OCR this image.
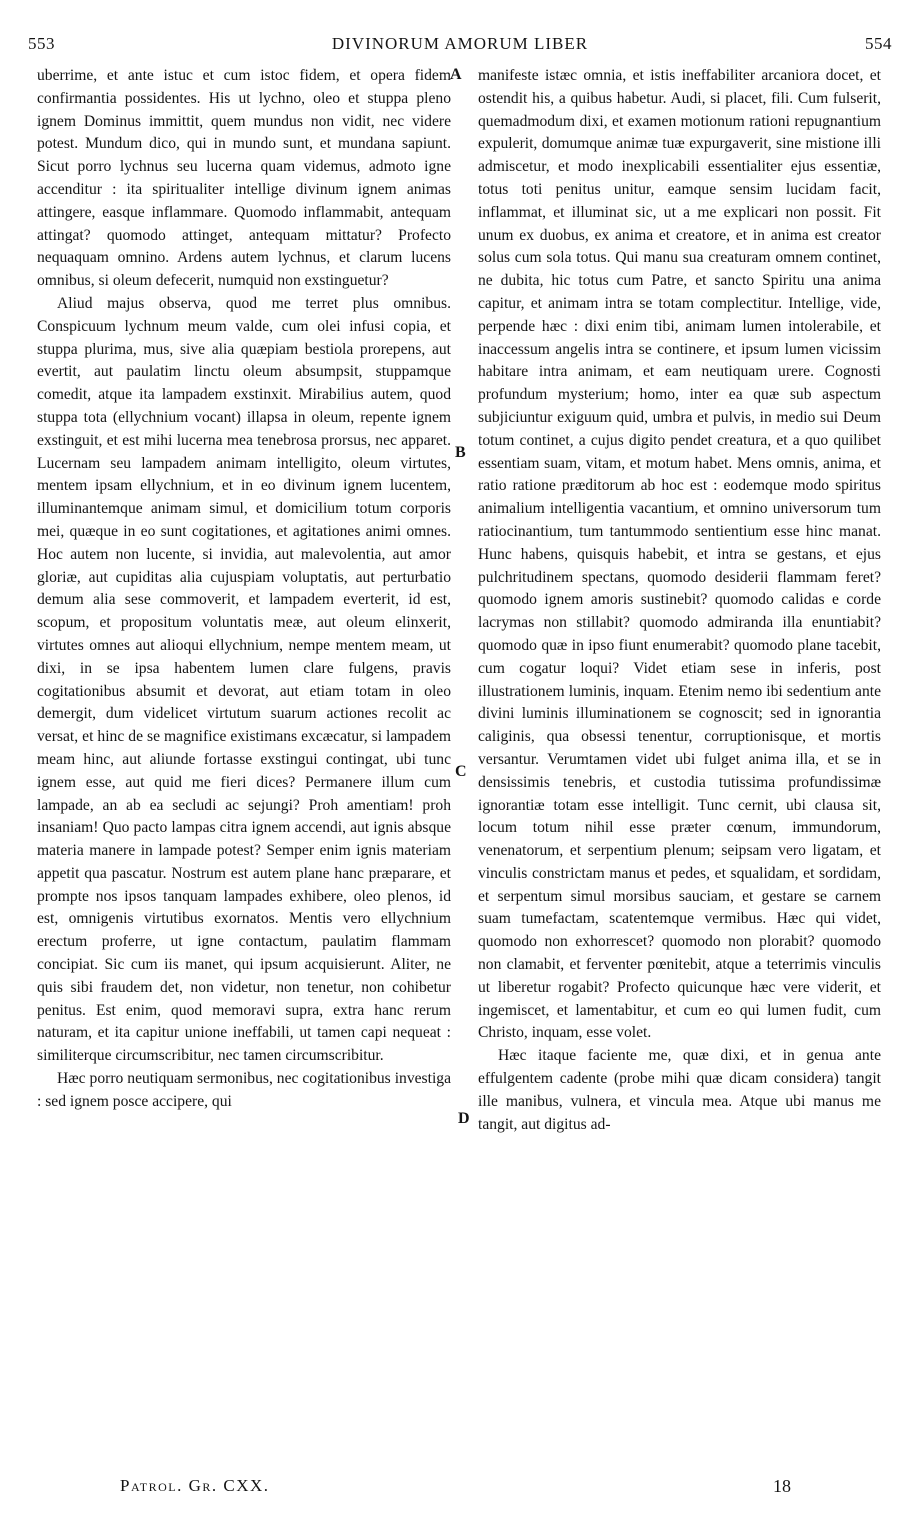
553	DIVINORUM AMORUM LIBER	554

uberrime, et ante istuc et cum istoc fidem, et opera fidem confirmantia possidentes. His ut lychno, oleo et stuppa pleno ignem Dominus immittit, quem mundus non vidit, nec videre potest. Mundum dico, qui in mundo sunt, et mundana sapiunt. Sicut porro lychnus seu lucerna quam videmus, admoto igne accenditur : ita spiritualiter intellige divinum ignem animas attingere, easque inflammare. Quomodo inflammabit, antequam attingat? quomodo attinget, antequam mittatur? Profecto nequaquam omnino. Ardens autem lychnus, et clarum lucens omnibus, si oleum defecerit, numquid non exstinguetur?

Aliud majus observa, quod me terret plus omnibus. Conspicuum lychnum meum valde, cum olei infusi copia, et stuppa plurima, mus, sive alia quæpiam bestiola prorepens, aut evertit, aut paulatim linctu oleum absumpsit, stuppamque comedit, atque ita lampadem exstinxit. Mirabilius autem, quod stuppa tota (ellychnium vocant) illapsa in oleum, repente ignem exstinguit, et est mihi lucerna mea tenebrosa prorsus, nec apparet. Lucernam seu lampadem animam intelligito, oleum virtutes, mentem ipsam ellychnium, et in eo divinum ignem lucentem, illuminantemque animam simul, et domicilium totum corporis mei, quæque in eo sunt cogitationes, et agitationes animi omnes. Hoc autem non lucente, si invidia, aut malevolentia, aut amor gloriæ, aut cupiditas alia cujuspiam voluptatis, aut perturbatio demum alia sese commoverit, et lampadem everterit, id est, scopum, et propositum voluntatis meæ, aut oleum elinxerit, virtutes omnes aut alioqui ellychnium, nempe mentem meam, ut dixi, in se ipsa habentem lumen clare fulgens, pravis cogitationibus absumit et devorat, aut etiam totam in oleo demergit, dum videlicet virtutum suarum actiones recolit ac versat, et hinc de se magnifice existimans excæcatur, si lampadem meam hinc, aut aliunde fortasse exstingui contingat, ubi tunc ignem esse, aut quid me fieri dices? Permanere illum cum lampade, an ab ea secludi ac sejungi? Proh amentiam! proh insaniam! Quo pacto lampas citra ignem accendi, aut ignis absque materia manere in lampade potest? Semper enim ignis materiam appetit qua pascatur. Nostrum est autem plane hanc præparare, et prompte nos ipsos tanquam lampades exhibere, oleo plenos, id est, omnigenis virtutibus exornatos. Mentis vero ellychnium erectum proferre, ut igne contactum, paulatim flammam concipiat. Sic cum iis manet, qui ipsum acquisierunt. Aliter, ne quis sibi fraudem det, non videtur, non tenetur, non cohibetur penitus. Est enim, quod memoravi supra, extra hanc rerum naturam, et ita capitur unione ineffabili, ut tamen capi nequeat : similiterque circumscribitur, nec tamen circumscribitur.

Hæc porro neutiquam sermonibus, nec cogitationibus investiga : sed ignem posce accipere, qui

A
B
C
D

manifeste istæc omnia, et istis ineffabiliter arcaniora docet, et ostendit his, a quibus habetur. Audi, si placet, fili. Cum fulserit, quemadmodum dixi, et examen motionum rationi repugnantium expulerit, domumque animæ tuæ expurgaverit, sine mistione illi admiscetur, et modo inexplicabili essentialiter ejus essentiæ, totus toti penitus unitur, eamque sensim lucidam facit, inflammat, et illuminat sic, ut a me explicari non possit. Fit unum ex duobus, ex anima et creatore, et in anima est creator solus cum sola totus. Qui manu sua creaturam omnem continet, ne dubita, hic totus cum Patre, et sancto Spiritu una anima capitur, et animam intra se totam complectitur. Intellige, vide, perpende hæc : dixi enim tibi, animam lumen intolerabile, et inaccessum angelis intra se continere, et ipsum lumen vicissim habitare intra animam, et eam neutiquam urere. Cognosti profundum mysterium; homo, inter ea quæ sub aspectum subjiciuntur exiguum quid, umbra et pulvis, in medio sui Deum totum continet, a cujus digito pendet creatura, et a quo quilibet essentiam suam, vitam, et motum habet. Mens omnis, anima, et ratio ratione præditorum ab hoc est : eodemque modo spiritus animalium intelligentia vacantium, et omnino universorum tum ratiocinantium, tum tantummodo sentientium esse hinc manat. Hunc habens, quisquis habebit, et intra se gestans, et ejus pulchritudinem spectans, quomodo desiderii flammam feret? quomodo ignem amoris sustinebit? quomodo calidas e corde lacrymas non stillabit? quomodo admiranda illa enuntiabit? quomodo quæ in ipso fiunt enumerabit? quomodo plane tacebit, cum cogatur loqui? Videt etiam sese in inferis, post illustrationem luminis, inquam. Etenim nemo ibi sedentium ante divini luminis illuminationem se cognoscit; sed in ignorantia caliginis, qua obsessi tenentur, corruptionisque, et mortis versantur. Verumtamen videt ubi fulget anima illa, et se in densissimis tenebris, et custodia tutissima profundissimæ ignorantiæ totam esse intelligit. Tunc cernit, ubi clausa sit, locum totum nihil esse præter cœnum, immundorum, venenatorum, et serpentium plenum; seipsam vero ligatam, et vinculis constrictam manus et pedes, et squalidam, et sordidam, et serpentum simul morsibus sauciam, et gestare se carnem suam tumefactam, scatentemque vermibus. Hæc qui videt, quomodo non exhorrescet? quomodo non plorabit? quomodo non clamabit, et ferventer pœnitebit, atque a teterrimis vinculis ut liberetur rogabit? Profecto quicunque hæc vere viderit, et ingemiscet, et lamentabitur, et cum eo qui lumen fudit, cum Christo, inquam, esse volet.

Hæc itaque faciente me, quæ dixi, et in genua ante effulgentem cadente (probe mihi quæ dicam considera) tangit ille manibus, vulnera, et vincula mea. Atque ubi manus me tangit, aut digitus ad-

Patrol. Gr. CXX.	18
